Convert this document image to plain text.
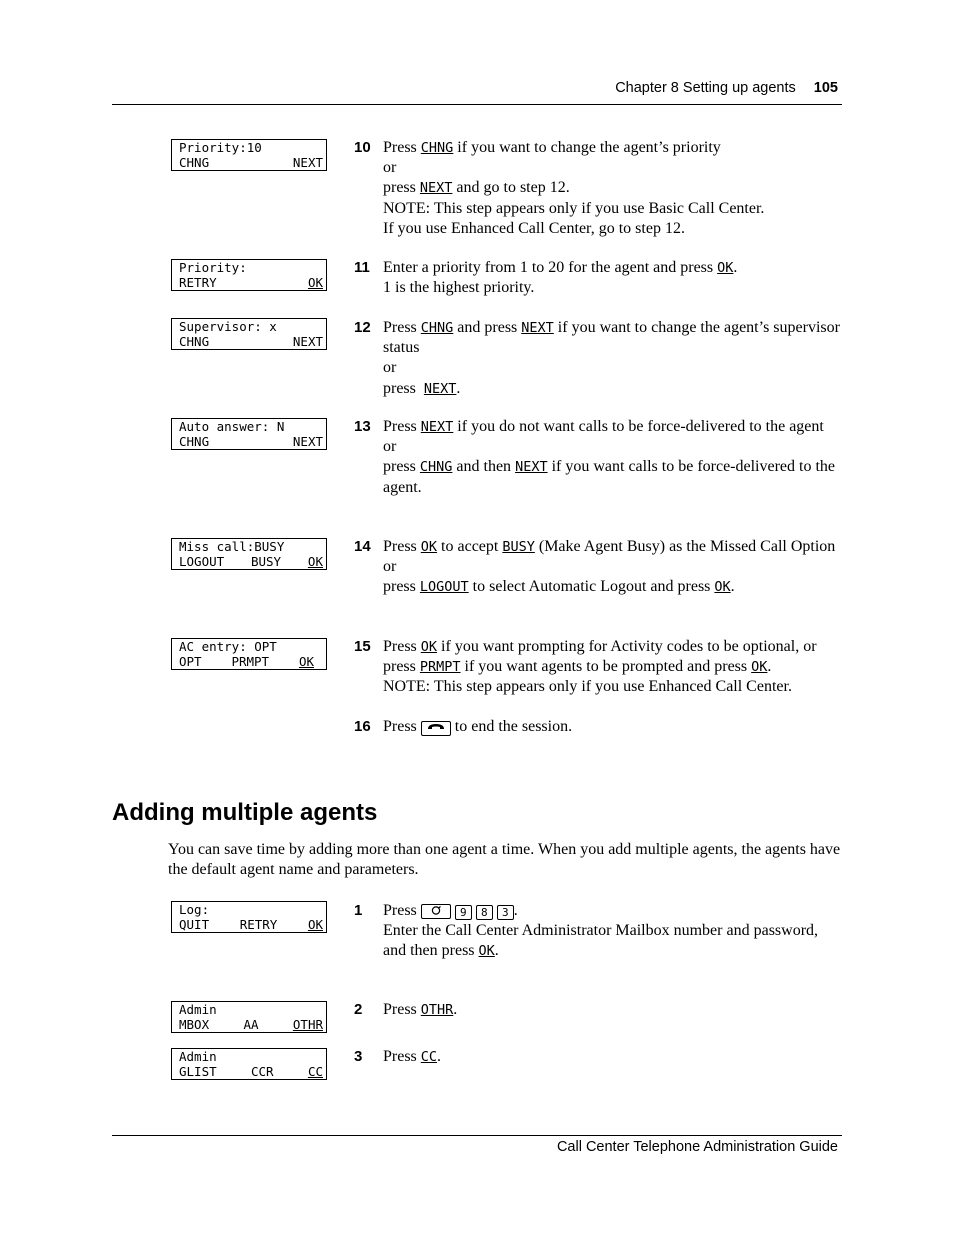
Chapter 8 Setting up agents 105
Priority:10
CHNG	NEXT
Priority:
RETRY	OK
Supervisor: x
CHNG	NEXT
Auto answer: N
CHNG	NEXT
Miss call:BUSY
LOGOUT BUSY OK
AC entry: OPT
OPT PRMPT OK
Log:
QUIT RETRY OK
Admin
MBOX	AA	OTHR
Admin
GLIST	CCR	CC
10 Press CHNG if you want to change the agent’s priority
or
press NEXT and go to step 12.
NOTE: This step appears only if you use Basic Call Center.
If you use Enhanced Call Center, go to step 12.
11 Enter a priority from 1 to 20 for the agent and press OK.
1 is the highest priority.
12 Press CHNG and press NEXT if you want to change the agent’s supervisor status
or
press  NEXT.
13 Press NEXT if you do not want calls to be force-delivered to the agent
or
press CHNG and then NEXT if you want calls to be force-delivered to the agent.
14 Press OK to accept BUSY (Make Agent Busy) as the Missed Call Option
or
press LOGOUT to select Automatic Logout and press OK.
15 Press OK if you want prompting for Activity codes to be optional, or press PRMPT if you want agents to be prompted and press OK.
NOTE: This step appears only if you use Enhanced Call Center.
16 Press  to end the session.
Adding multiple agents
You can save time by adding more than one agent a time. When you add multiple agents, the agents have the default agent name and parameters.
1 Press	9 8 3 .
Enter the Call Center Administrator Mailbox number and password,
and then press OK.
2 Press OTHR.
3 Press CC.
Call Center Telephone Administration Guide
